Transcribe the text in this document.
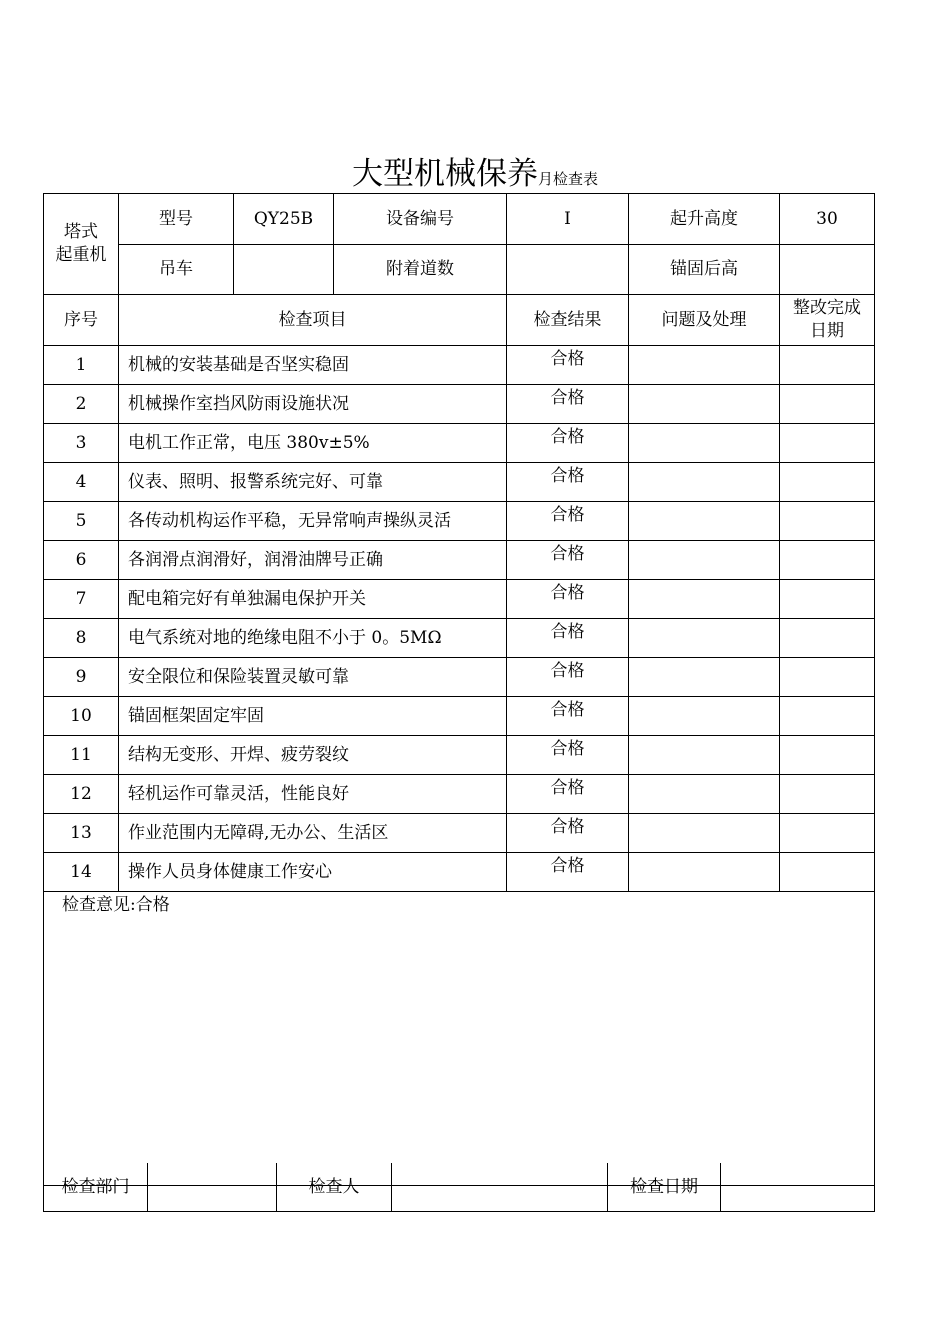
大型机械保养月检查表
塔式
起重机	型号	QY25B	设备编号	I	起升高度	30
	吊车		附着道数		锚固后高	
序号	检查项目			检查结果	问题及处理	整改完成
日期
1	机械的安装基础是否坚实稳固			合格		
2	机械操作室挡风防雨设施状况			合格		
3	电机工作正常，电压 380v±5%			合格		
4	仪表、照明、报警系统完好、可靠			合格		
5	各传动机构运作平稳，无异常响声操纵灵活			合格		
6	各润滑点润滑好，润滑油牌号正确			合格		
7	配电箱完好有单独漏电保护开关			合格		
8	电气系统对地的绝缘电阻不小于 0。5MΩ			合格		
9	安全限位和保险装置灵敏可靠			合格		
10	锚固框架固定牢固			合格		
11	结构无变形、开焊、疲劳裂纹			合格		
12	轻机运作可靠灵活，性能良好			合格		
13	作业范围内无障碍,无办公、生活区			合格		
14	操作人员身体健康工作安心			合格		
检查意见:合格						
检查部门		检查人		检查日期	
